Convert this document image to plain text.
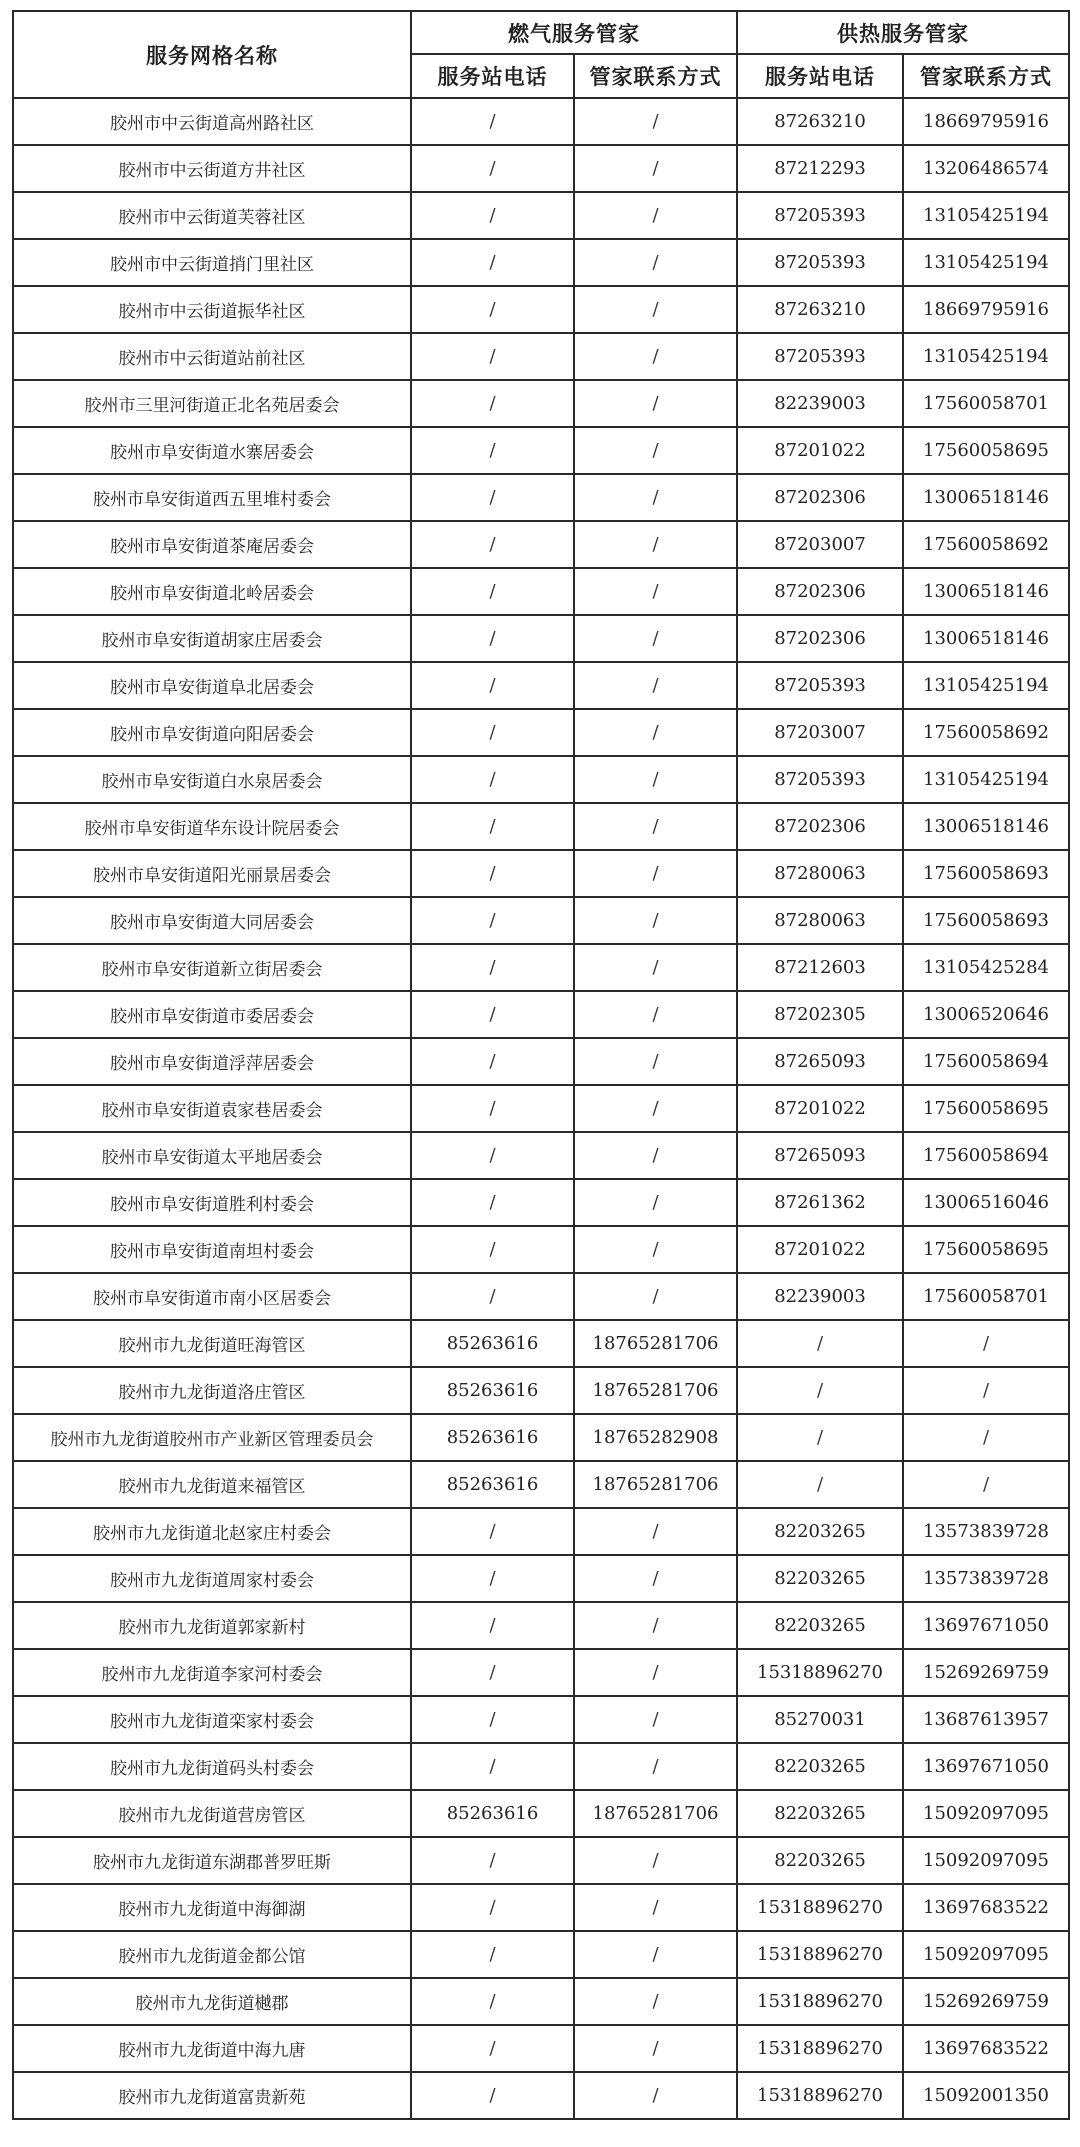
服务网格名称	燃气服务管家		供热服务管家	
	服务站电话	管家联系方式	服务站电话	管家联系方式
胶州市中云街道高州路社区	/	/	87263210	18669795916
胶州市中云街道方井社区	/	/	87212293	13206486574
胶州市中云街道芙蓉社区	/	/	87205393	13105425194
胶州市中云街道捎门里社区	/	/	87205393	13105425194
胶州市中云街道振华社区	/	/	87263210	18669795916
胶州市中云街道站前社区	/	/	87205393	13105425194
胶州市三里河街道正北名苑居委会	/	/	82239003	17560058701
胶州市阜安街道水寨居委会	/	/	87201022	17560058695
胶州市阜安街道西五里堆村委会	/	/	87202306	13006518146
胶州市阜安街道茶庵居委会	/	/	87203007	17560058692
胶州市阜安街道北岭居委会	/	/	87202306	13006518146
胶州市阜安街道胡家庄居委会	/	/	87202306	13006518146
胶州市阜安街道阜北居委会	/	/	87205393	13105425194
胶州市阜安街道向阳居委会	/	/	87203007	17560058692
胶州市阜安街道白水泉居委会	/	/	87205393	13105425194
胶州市阜安街道华东设计院居委会	/	/	87202306	13006518146
胶州市阜安街道阳光丽景居委会	/	/	87280063	17560058693
胶州市阜安街道大同居委会	/	/	87280063	17560058693
胶州市阜安街道新立街居委会	/	/	87212603	13105425284
胶州市阜安街道市委居委会	/	/	87202305	13006520646
胶州市阜安街道浮萍居委会	/	/	87265093	17560058694
胶州市阜安街道袁家巷居委会	/	/	87201022	17560058695
胶州市阜安街道太平地居委会	/	/	87265093	17560058694
胶州市阜安街道胜利村委会	/	/	87261362	13006516046
胶州市阜安街道南坦村委会	/	/	87201022	17560058695
胶州市阜安街道市南小区居委会	/	/	82239003	17560058701
胶州市九龙街道旺海管区	85263616	18765281706	/	/
胶州市九龙街道洛庄管区	85263616	18765281706	/	/
胶州市九龙街道胶州市产业新区管理委员会	85263616	18765282908	/	/
胶州市九龙街道来福管区	85263616	18765281706	/	/
胶州市九龙街道北赵家庄村委会	/	/	82203265	13573839728
胶州市九龙街道周家村委会	/	/	82203265	13573839728
胶州市九龙街道郭家新村	/	/	82203265	13697671050
胶州市九龙街道李家河村委会	/	/	15318896270	15269269759
胶州市九龙街道栾家村委会	/	/	85270031	13687613957
胶州市九龙街道码头村委会	/	/	82203265	13697671050
胶州市九龙街道营房管区	85263616	18765281706	82203265	15092097095
胶州市九龙街道东湖郡普罗旺斯	/	/	82203265	15092097095
胶州市九龙街道中海御湖	/	/	15318896270	13697683522
胶州市九龙街道金都公馆	/	/	15318896270	15092097095
胶州市九龙街道樾郡	/	/	15318896270	15269269759
胶州市九龙街道中海九唐	/	/	15318896270	13697683522
胶州市九龙街道富贵新苑	/	/	15318896270	15092001350
